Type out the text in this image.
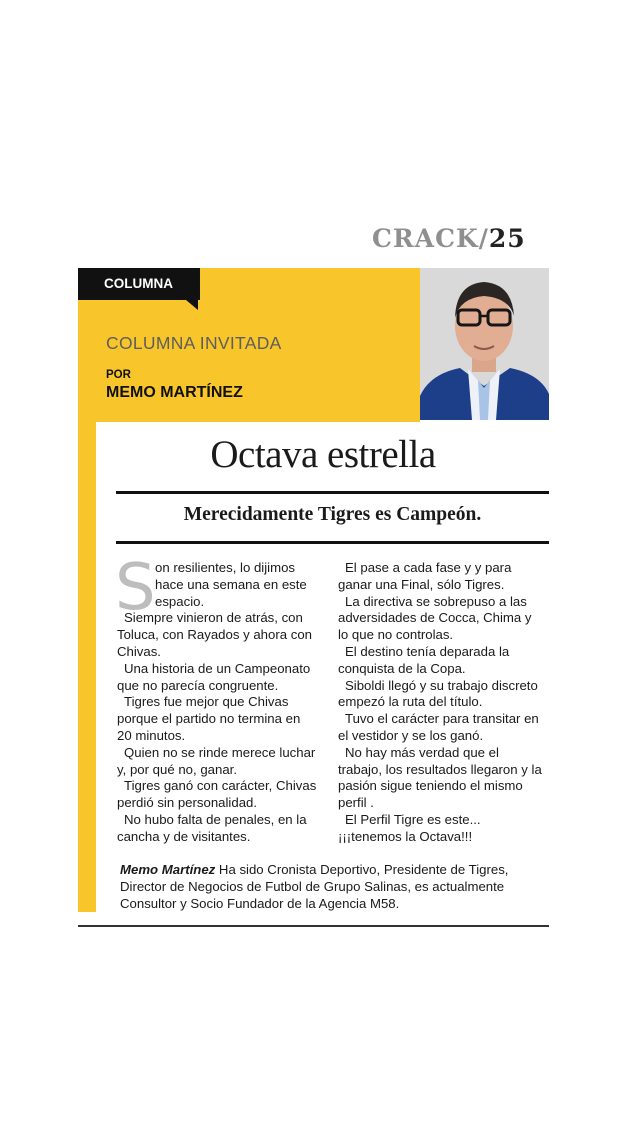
CRACK/25
COLUMNA
COLUMNA INVITADA
POR
MEMO MARTÍNEZ
Octava estrella
Merecidamente Tigres es Campeón.
S on resilientes, lo dijimos

hace una semana en este

espacio.

Siempre vinieron de atrás, con Toluca, con Rayados y ahora con Chivas.

Una historia de un Campeonato que no parecía congruente.

Tigres fue mejor que Chivas porque el partido no termina en 20 minutos.

Quien no se rinde merece luchar y, por qué no, ganar.

Tigres ganó con carácter, Chivas perdió sin personalidad.

No hubo falta de penales, en la cancha y de visitantes.

El pase a cada fase y y para ganar una Final, sólo Tigres.

La directiva se sobrepuso a las adversidades de Cocca, Chima y lo que no controlas.

El destino tenía deparada la conquista de la Copa.

Siboldi llegó y su trabajo discreto empezó la ruta del título.

Tuvo el carácter para transitar en el vestidor y se los ganó.

No hay más verdad que el trabajo, los resultados llegaron y la pasión sigue teniendo el mismo perfil .

El Perfil Tigre es este... ¡¡¡tenemos la Octava!!!

Memo Martínez Ha sido Cronista Deportivo, Presidente de Tigres, Director de Negocios de Futbol de Grupo Salinas, es actualmente Consultor y Socio Fundador de la Agencia M58.
